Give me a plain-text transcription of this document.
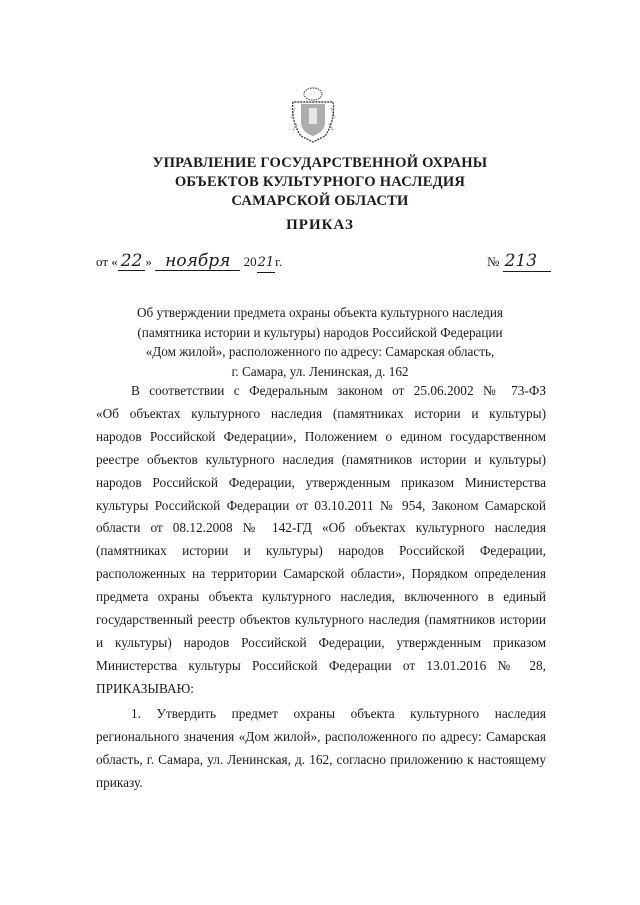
УПРАВЛЕНИЕ ГОСУДАРСТВЕННОЙ ОХРАНЫ
ОБЪЕКТОВ КУЛЬТУРНОГО НАСЛЕДИЯ
САМАРСКОЙ ОБЛАСТИ
ПРИКАЗ
от « 22 » ноября 2021г.	№ 213
Об утверждении предмета охраны объекта культурного наследия
(памятника истории и культуры) народов Российской Федерации
«Дом жилой», расположенного по адресу: Самарская область,
г. Самара, ул. Ленинская, д. 162
В соответствии с Федеральным законом от 25.06.2002 № 73-ФЗ
«Об объектах культурного наследия (памятниках истории и культуры)
народов Российской Федерации», Положением о едином государственном
реестре объектов культурного наследия (памятников истории и культуры)
народов Российской Федерации, утвержденным приказом Министерства
культуры Российской Федерации от 03.10.2011 № 954, Законом Самарской
области от 08.12.2008 № 142-ГД «Об объектах культурного наследия
(памятниках истории и культуры) народов Российской Федерации,
расположенных на территории Самарской области», Порядком определения
предмета охраны объекта культурного наследия, включенного в единый
государственный реестр объектов культурного наследия (памятников истории
и культуры) народов Российской Федерации, утвержденным приказом
Министерства культуры Российской Федерации от 13.01.2016 № 28,
ПРИКАЗЫВАЮ:
1. Утвердить предмет охраны объекта культурного наследия
регионального значения «Дом жилой», расположенного по адресу: Самарская
область, г. Самара, ул. Ленинская, д. 162, согласно приложению к настоящему
приказу.
